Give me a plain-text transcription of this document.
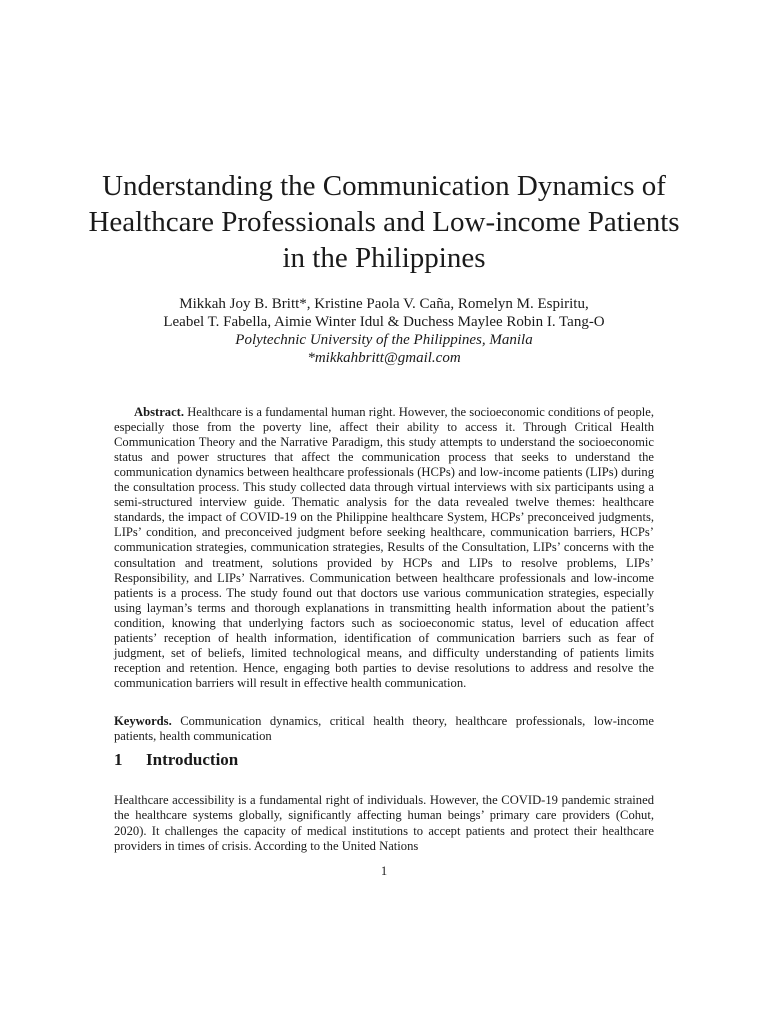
Understanding the Communication Dynamics of Healthcare Professionals and Low-income Patients in the Philippines
Mikkah Joy B. Britt*, Kristine Paola V. Caña, Romelyn M. Espiritu,
Leabel T. Fabella, Aimie Winter Idul & Duchess Maylee Robin I. Tang-O
Polytechnic University of the Philippines, Manila
*mikkahbritt@gmail.com

Abstract. Healthcare is a fundamental human right. However, the socioeconomic conditions of people, especially those from the poverty line, affect their ability to access it. Through Critical Health Communication Theory and the Narrative Paradigm, this study attempts to understand the socioeconomic status and power structures that affect the communication process that seeks to understand the communication dynamics between healthcare professionals (HCPs) and low-income patients (LIPs) during the consultation process. This study collected data through virtual interviews with six participants using a semi-structured interview guide. Thematic analysis for the data revealed twelve themes: healthcare standards, the impact of COVID-19 on the Philippine healthcare System, HCPs’ preconceived judgments, LIPs’ condition, and preconceived judgment before seeking healthcare, communication barriers, HCPs’ communication strategies, communication strategies, Results of the Consultation, LIPs’ concerns with the consultation and treatment, solutions provided by HCPs and LIPs to resolve problems, LIPs’ Responsibility, and LIPs’ Narratives. Communication between healthcare professionals and low-income patients is a process. The study found out that doctors use various communication strategies, especially using layman’s terms and thorough explanations in transmitting health information about the patient’s condition, knowing that underlying factors such as socioeconomic status, level of education affect patients’ reception of health information, identification of communication barriers such as fear of judgment, set of beliefs, limited technological means, and difficulty understanding of patients limits reception and retention. Hence, engaging both parties to devise resolutions to address and resolve the communication barriers will result in effective health communication.

Keywords. Communication dynamics, critical health theory, healthcare professionals, low-income patients, health communication

1 Introduction

Healthcare accessibility is a fundamental right of individuals. However, the COVID-19 pandemic strained the healthcare systems globally, significantly affecting human beings’ primary care providers (Cohut, 2020). It challenges the capacity of medical institutions to accept patients and protect their healthcare providers in times of crisis. According to the United Nations

1
